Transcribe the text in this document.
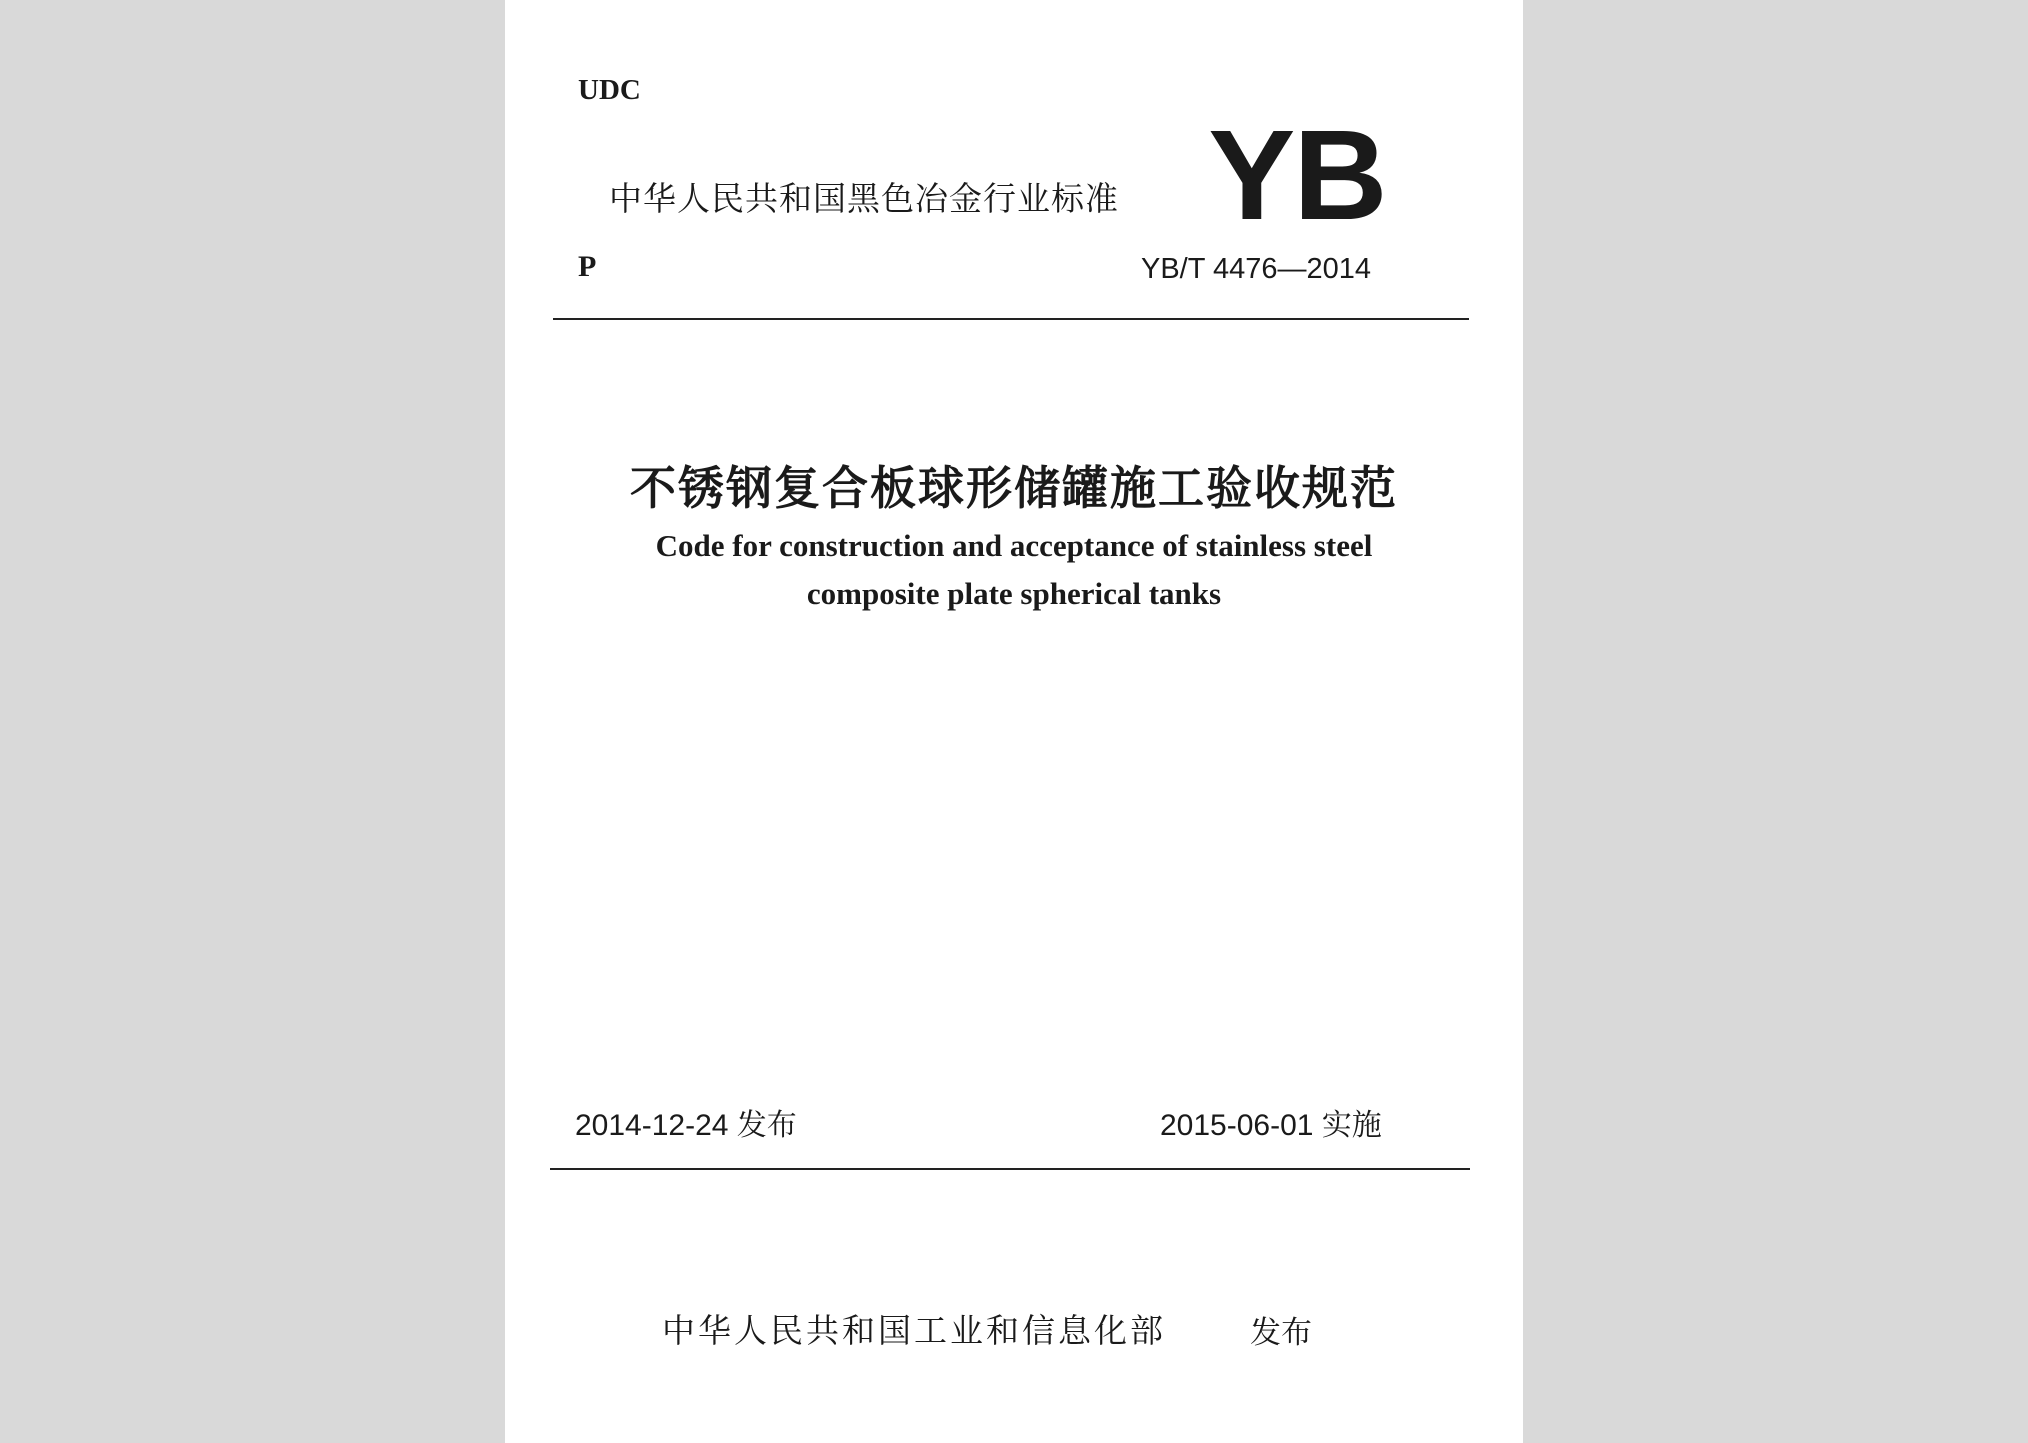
UDC
中华人民共和国黑色冶金行业标准 YB
P	YB/T 4476—2014
不锈钢复合板球形储罐施工验收规范
Code for construction and acceptance of stainless steel
composite plate spherical tanks
2014-12-24 发布	2015-06-01 实施
中华人民共和国工业和信息化部	发布
